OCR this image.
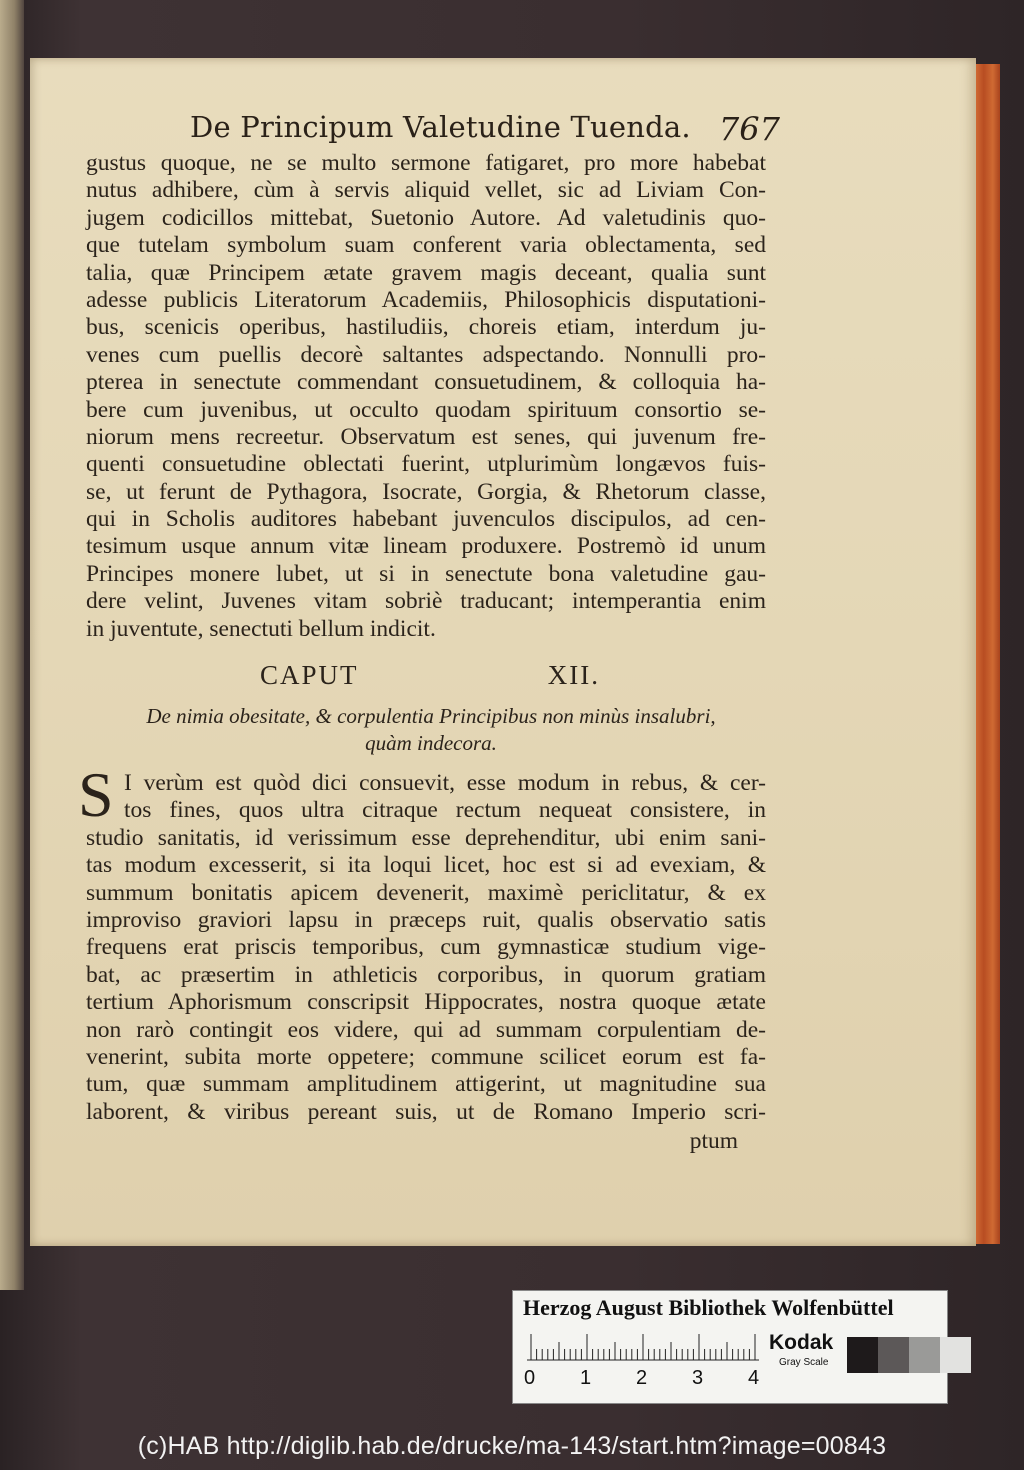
De Principum Valetudine Tuenda. 767
gustus quoque, ne se multo sermone fatigaret, pro more habebat
nutus adhibere, cùm à servis aliquid vellet, sic ad Liviam Con-
jugem codicillos mittebat, Suetonio Autore. Ad valetudinis quo-
que tutelam symbolum suam conferent varia oblectamenta, sed
talia, quæ Principem ætate gravem magis deceant, qualia sunt
adesse publicis Literatorum Academiis, Philosophicis disputationi-
bus, scenicis operibus, hastiludiis, choreis etiam, interdum ju-
venes cum puellis decorè saltantes adspectando. Nonnulli pro-
pterea in senectute commendant consuetudinem, & colloquia ha-
bere cum juvenibus, ut occulto quodam spirituum consortio se-
niorum mens recreetur. Observatum est senes, qui juvenum fre-
quenti consuetudine oblectati fuerint, utplurimùm longævos fuis-
se, ut ferunt de Pythagora, Isocrate, Gorgia, & Rhetorum classe,
qui in Scholis auditores habebant juvenculos discipulos, ad cen-
tesimum usque annum vitæ lineam produxere. Postremò id unum
Principes monere lubet, ut si in senectute bona valetudine gau-
dere velint, Juvenes vitam sobriè traducant; intemperantia enim
in juventute, senectuti bellum indicit.
CAPUT XII.
De nimia obesitate, & corpulentia Principibus non minùs insalubri,
quàm indecora.
S I verùm est quòd dici consuevit, esse modum in rebus, & cer-
tos fines, quos ultra citraque rectum nequeat consistere, in
studio sanitatis, id verissimum esse deprehenditur, ubi enim sani-
tas modum excesserit, si ita loqui licet, hoc est si ad evexiam, &
summum bonitatis apicem devenerit, maximè periclitatur, & ex
improviso graviori lapsu in præceps ruit, qualis observatio satis
frequens erat priscis temporibus, cum gymnasticæ studium vige-
bat, ac præsertim in athleticis corporibus, in quorum gratiam
tertium Aphorismum conscripsit Hippocrates, nostra quoque ætate
non rarò contingit eos videre, qui ad summam corpulentiam de-
venerint, subita morte oppetere; commune scilicet eorum est fa-
tum, quæ summam amplitudinem attigerint, ut magnitudine sua
laborent, & viribus pereant suis, ut de Romano Imperio scri-
ptum
Herzog August Bibliothek Wolfenbüttel
0 1 2 3 4
Kodak
Gray Scale
(c)HAB http://diglib.hab.de/drucke/ma-143/start.htm?image=00843
